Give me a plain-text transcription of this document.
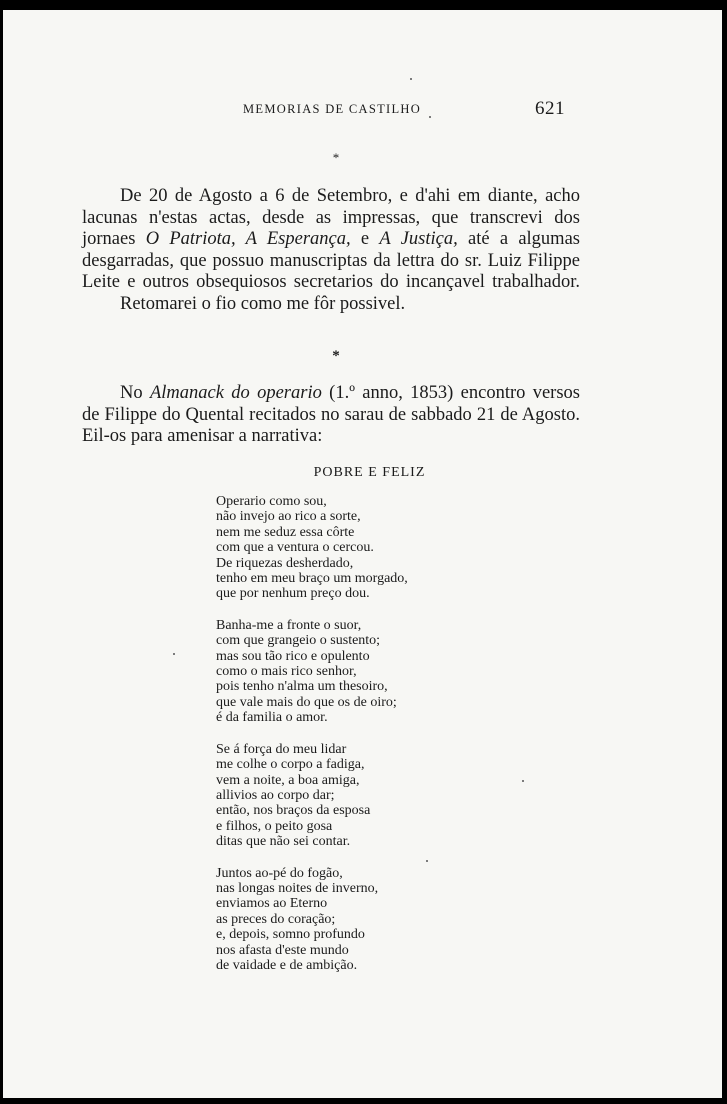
MEMORIAS DE CASTILHO	621
*

De 20 de Agosto a 6 de Setembro, e d'ahi em diante, acho lacunas n'estas actas, desde as impressas, que transcrevi dos jornaes O Patriota, A Esperança, e A Justiça, até a algumas desgarradas, que possuo manuscriptas da lettra do sr. Luiz Filippe Leite e outros obsequiosos secretarios do incançavel trabalhador.

Retomarei o fio como me fôr possivel.

*

No Almanack do operario (1.º anno, 1853) encontro versos de Filippe do Quental recitados no sarau de sabbado 21 de Agosto. Eil-os para amenisar a narrativa:

POBRE E FELIZ
Operario como sou,
não invejo ao rico a sorte,
nem me seduz essa côrte
com que a ventura o cercou.
De riquezas desherdado,
tenho em meu braço um morgado,
que por nenhum preço dou.
Banha-me a fronte o suor,
com que grangeio o sustento;
mas sou tão rico e opulento
como o mais rico senhor,
pois tenho n'alma um thesoiro,
que vale mais do que os de oiro;
é da familia o amor.
Se á força do meu lidar
me colhe o corpo a fadiga,
vem a noite, a boa amiga,
allivios ao corpo dar;
então, nos braços da esposa
e filhos, o peito gosa
ditas que não sei contar.
Juntos ao-pé do fogão,
nas longas noites de inverno,
enviamos ao Eterno
as preces do coração;
e, depois, somno profundo
nos afasta d'este mundo
de vaidade e de ambição.
